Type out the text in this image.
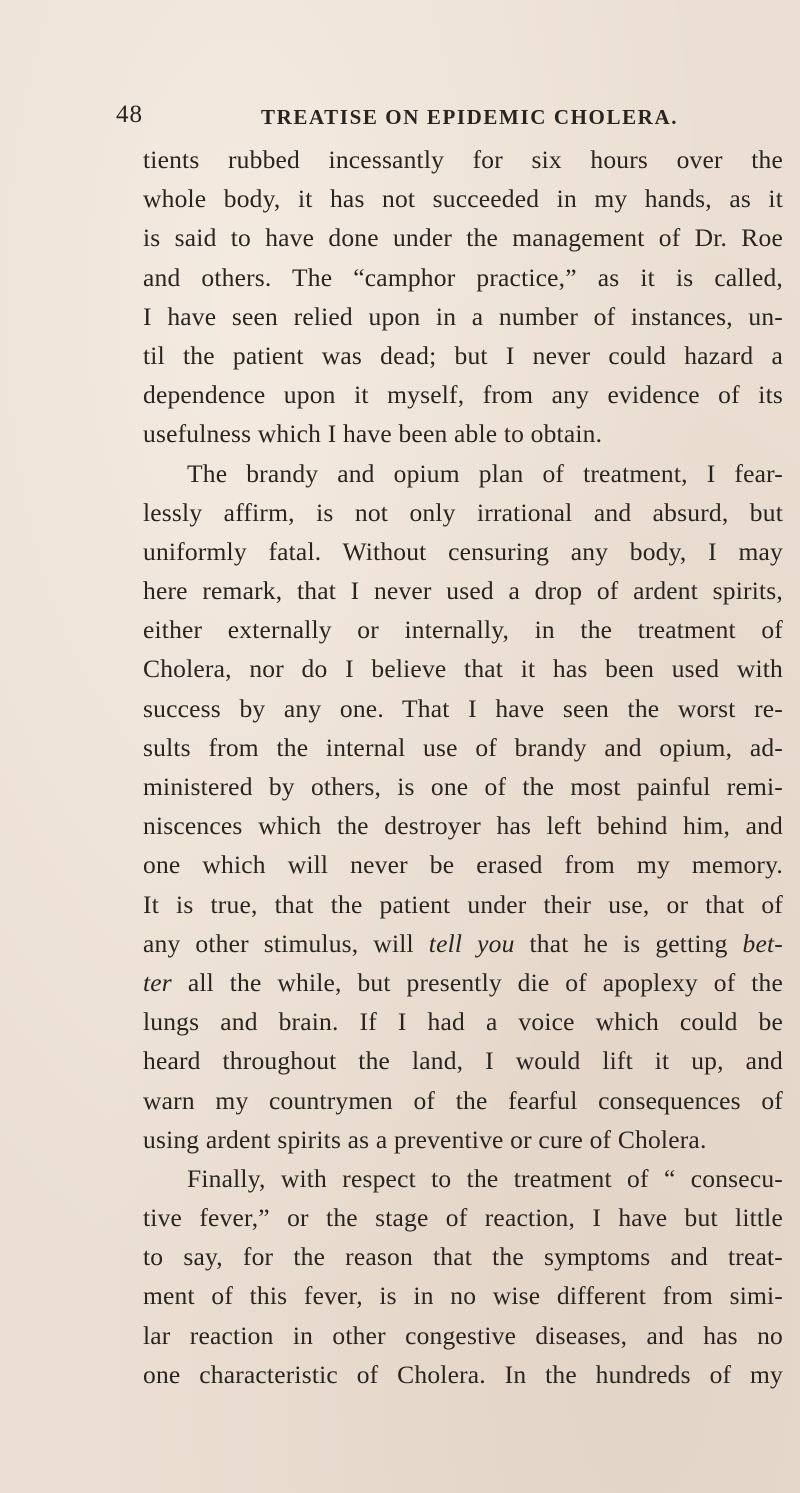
48	TREATISE ON EPIDEMIC CHOLERA.
tients rubbed incessantly for six hours over the
whole body, it has not succeeded in my hands, as it
is said to have done under the management of Dr. Roe
and others. The “camphor practice,” as it is called,
I have seen relied upon in a number of instances, un-
til the patient was dead; but I never could hazard a
dependence upon it myself, from any evidence of its
usefulness which I have been able to obtain.
The brandy and opium plan of treatment, I fear-
lessly affirm, is not only irrational and absurd, but
uniformly fatal. Without censuring any body, I may
here remark, that I never used a drop of ardent spirits,
either externally or internally, in the treatment of
Cholera, nor do I believe that it has been used with
success by any one. That I have seen the worst re-
sults from the internal use of brandy and opium, ad-
ministered by others, is one of the most painful remi-
niscences which the destroyer has left behind him, and
one which will never be erased from my memory.
It is true, that the patient under their use, or that of
any other stimulus, will tell you that he is getting bet-
ter all the while, but presently die of apoplexy of the
lungs and brain. If I had a voice which could be
heard throughout the land, I would lift it up, and
warn my countrymen of the fearful consequences of
using ardent spirits as a preventive or cure of Cholera.
Finally, with respect to the treatment of “ consecu-
tive fever,” or the stage of reaction, I have but little
to say, for the reason that the symptoms and treat-
ment of this fever, is in no wise different from simi-
lar reaction in other congestive diseases, and has no
one characteristic of Cholera. In the hundreds of my
